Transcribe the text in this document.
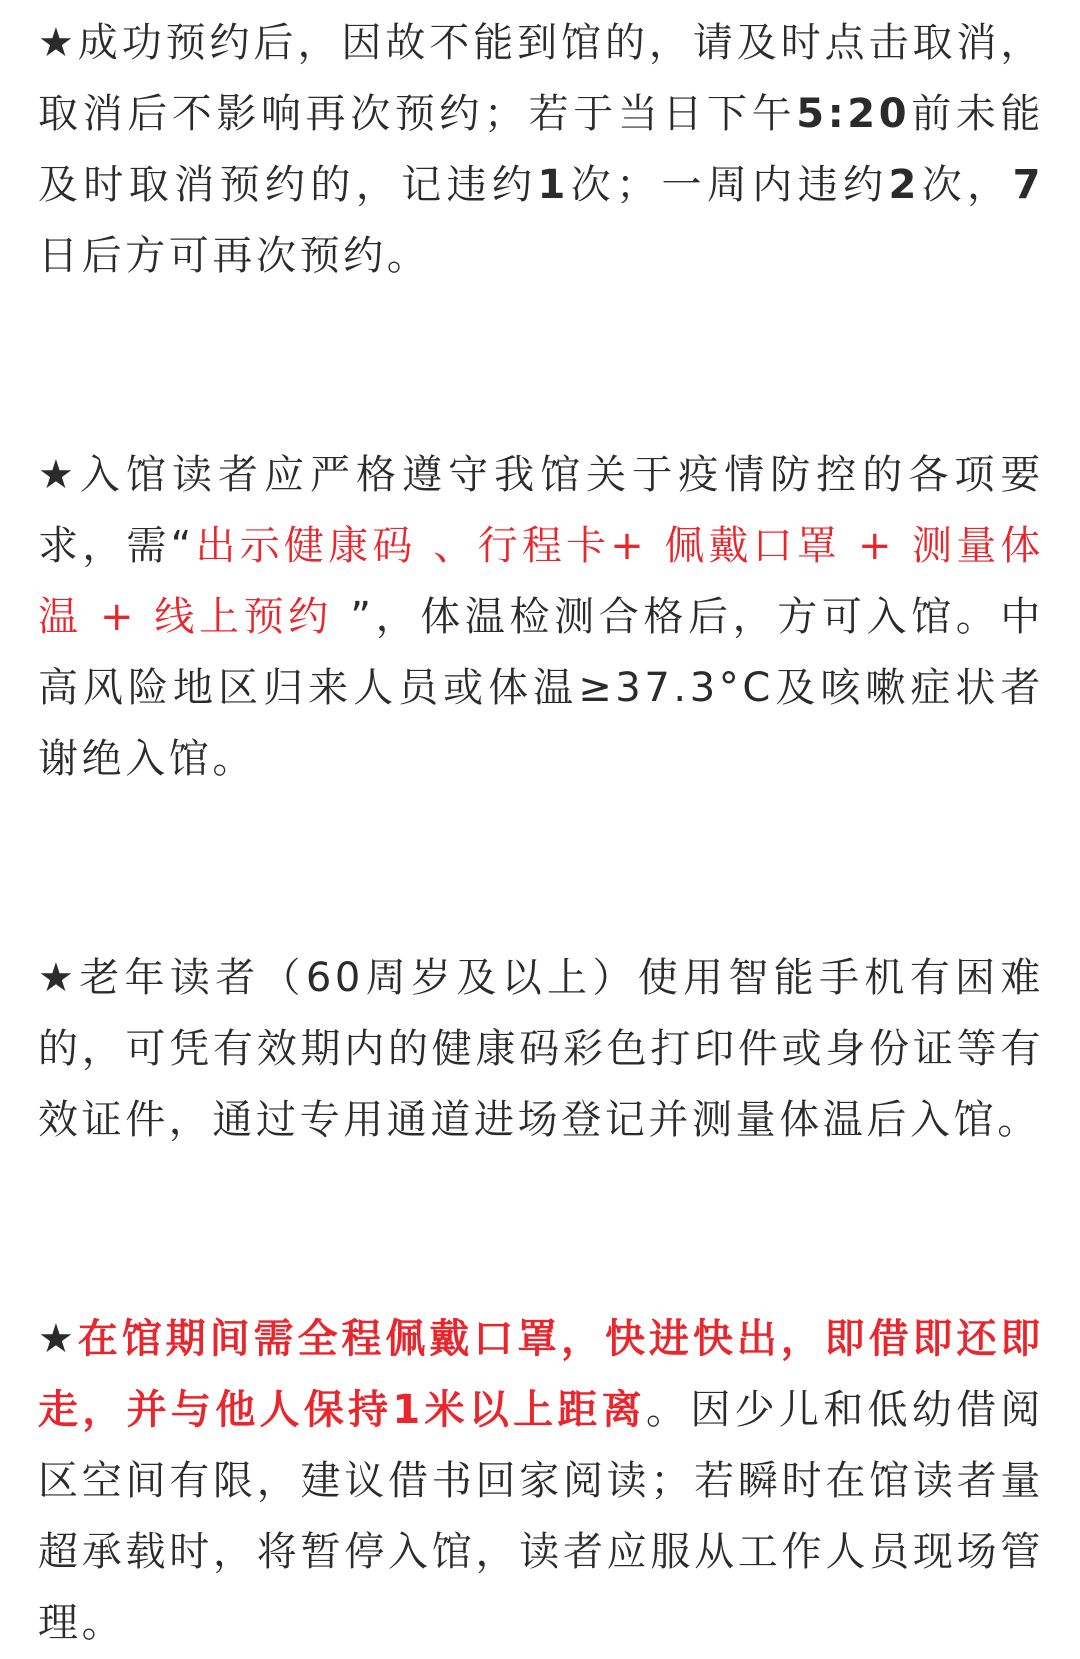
★成功预约后，因故不能到馆的，请及时点击取消，取消后不影响再次预约；若于当日下午5:20前未能及时取消预约的，记违约1次；一周内违约2次，7日后方可再次预约。

★入馆读者应严格遵守我馆关于疫情防控的各项要求，需“出示健康码 、行程卡+ 佩戴口罩 + 测量体温 + 线上预约 ”，体温检测合格后，方可入馆。中高风险地区归来人员或体温≥37.3°C及咳嗽症状者谢绝入馆。

★老年读者（60周岁及以上）使用智能手机有困难的，可凭有效期内的健康码彩色打印件或身份证等有效证件，通过专用通道进场登记并测量体温后入馆。

★在馆期间需全程佩戴口罩，快进快出，即借即还即走，并与他人保持1米以上距离。因少儿和低幼借阅区空间有限，建议借书回家阅读；若瞬时在馆读者量超承载时，将暂停入馆，读者应服从工作人员现场管理。
